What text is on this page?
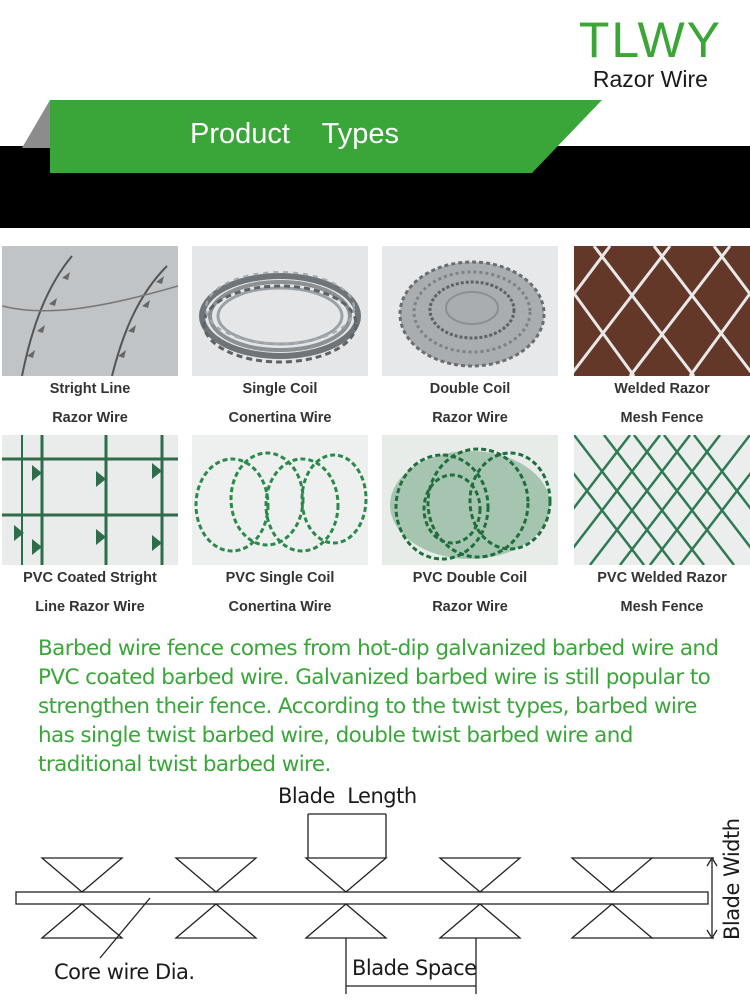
TLWY
Razor Wire
Product    Types
Stright Line
Razor Wire
Single Coil
Conertina Wire
Double Coil
Razor Wire
Welded Razor
Mesh Fence
PVC Coated Stright
Line Razor Wire
PVC Single Coil
Conertina Wire
PVC Double Coil
Razor Wire
PVC Welded Razor
Mesh Fence
Barbed wire fence comes from hot-dip galvanized barbed wire and PVC coated barbed wire. Galvanized barbed wire is still popular to strengthen their fence. According to the twist types, barbed wire has single twist barbed wire, double twist barbed wire and traditional twist barbed wire.
Blade  Length
Blade Width
Blade Space
Core wire Dia.
